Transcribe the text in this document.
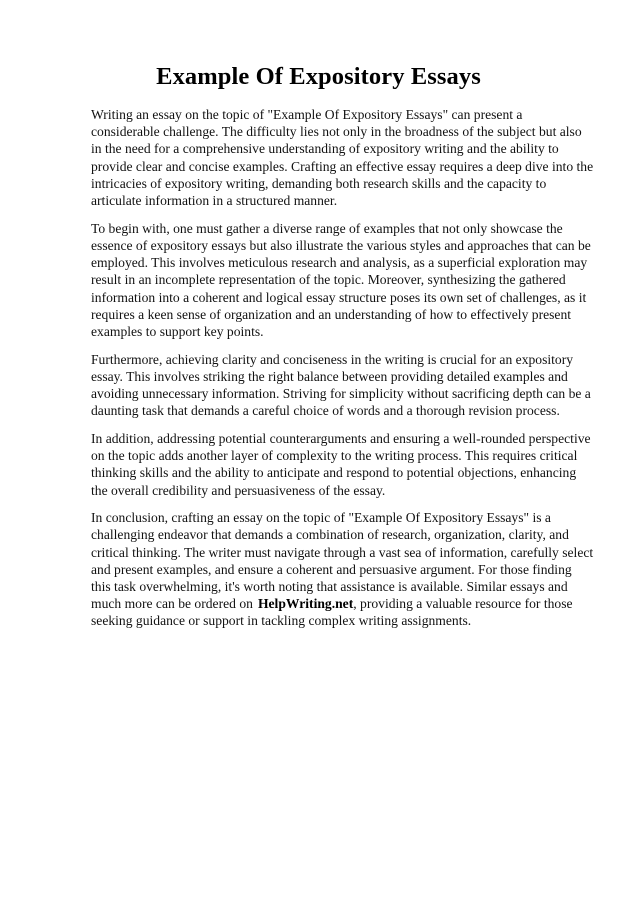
Example Of Expository Essays

Writing an essay on the topic of "Example Of Expository Essays" can present a considerable challenge. The difficulty lies not only in the broadness of the subject but also in the need for a comprehensive understanding of expository writing and the ability to provide clear and concise examples. Crafting an effective essay requires a deep dive into the intricacies of expository writing, demanding both research skills and the capacity to articulate information in a structured manner.

To begin with, one must gather a diverse range of examples that not only showcase the essence of expository essays but also illustrate the various styles and approaches that can be employed. This involves meticulous research and analysis, as a superficial exploration may result in an incomplete representation of the topic. Moreover, synthesizing the gathered information into a coherent and logical essay structure poses its own set of challenges, as it requires a keen sense of organization and an understanding of how to effectively present examples to support key points.

Furthermore, achieving clarity and conciseness in the writing is crucial for an expository essay. This involves striking the right balance between providing detailed examples and avoiding unnecessary information. Striving for simplicity without sacrificing depth can be a daunting task that demands a careful choice of words and a thorough revision process.

In addition, addressing potential counterarguments and ensuring a well-rounded perspective on the topic adds another layer of complexity to the writing process. This requires critical thinking skills and the ability to anticipate and respond to potential objections, enhancing the overall credibility and persuasiveness of the essay.

In conclusion, crafting an essay on the topic of "Example Of Expository Essays" is a challenging endeavor that demands a combination of research, organization, clarity, and critical thinking. The writer must navigate through a vast sea of information, carefully select and present examples, and ensure a coherent and persuasive argument. For those finding this task overwhelming, it's worth noting that assistance is available. Similar essays and much more can be ordered on HelpWriting.net, providing a valuable resource for those seeking guidance or support in tackling complex writing assignments.
